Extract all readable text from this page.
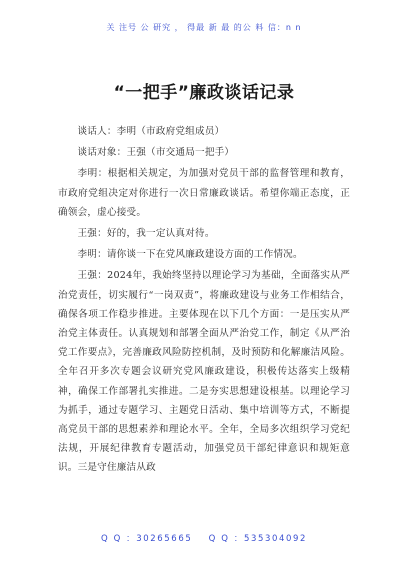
关 注号 公 研究 ， 得最 新 最 的公 料 信：n n
“一把手”廉政谈话记录

谈话人：李明（市政府党组成员）

谈话对象：王强（市交通局一把手）

李明：根据相关规定，为加强对党员干部的监督管理和教育，市政府党组决定对你进行一次日常廉政谈话。希望你端正态度，正确领会，虚心接受。

王强：好的，我一定认真对待。

李明：请你谈一下在党风廉政建设方面的工作情况。

王强：2024年，我始终坚持以理论学习为基础，全面落实从严治党责任，切实履行“一岗双责”，将廉政建设与业务工作相结合，确保各项工作稳步推进。主要体现在以下几个方面：一是压实从严治党主体责任。认真规划和部署全面从严治党工作，制定《从严治党工作要点》，完善廉政风险防控机制，及时预防和化解廉洁风险。全年召开多次专题会议研究党风廉政建设，积极传达落实上级精神，确保工作部署扎实推进。二是夯实思想建设根基。以理论学习为抓手，通过专题学习、主题党日活动、集中培训等方式，不断提高党员干部的思想素养和理论水平。全年，全局多次组织学习党纪法规，开展纪律教育专题活动，加强党员干部纪律意识和规矩意识。三是守住廉洁从政

Q Q ：30265665 Q Q ：535304092
